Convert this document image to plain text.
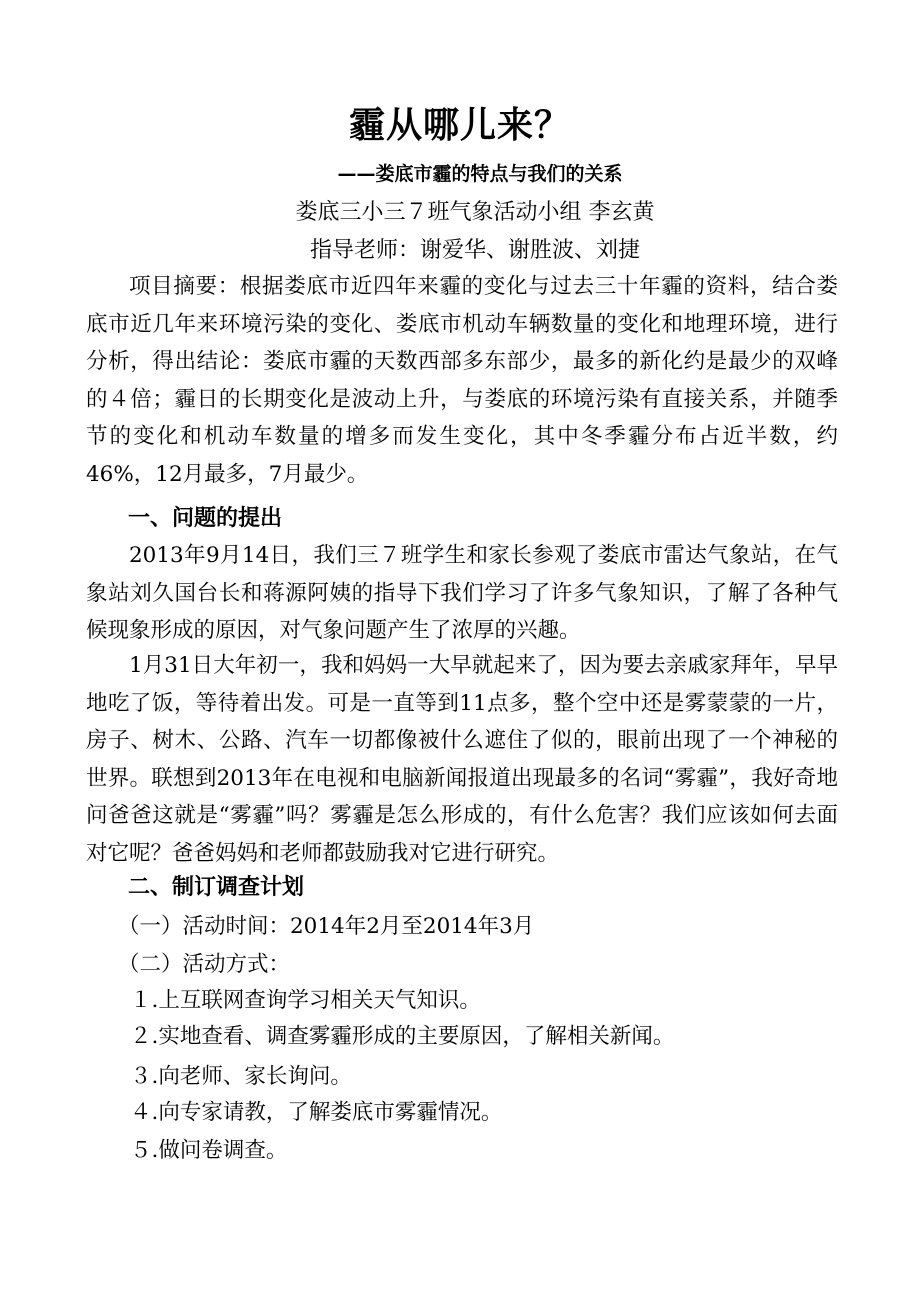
霾从哪儿来？
——娄底市霾的特点与我们的关系
娄底三小三７班气象活动小组 李玄黄
指导老师：谢爱华、谢胜波、刘捷

项目摘要：根据娄底市近四年来霾的变化与过去三十年霾的资料，结合娄底市近几年来环境污染的变化、娄底市机动车辆数量的变化和地理环境，进行分析，得出结论：娄底市霾的天数西部多东部少，最多的新化约是最少的双峰的４倍；霾日的长期变化是波动上升，与娄底的环境污染有直接关系，并随季节的变化和机动车数量的增多而发生变化，其中冬季霾分布占近半数，约46%，12月最多，7月最少。

一、问题的提出

2013年9月14日，我们三７班学生和家长参观了娄底市雷达气象站，在气象站刘久国台长和蒋源阿姨的指导下我们学习了许多气象知识，了解了各种气候现象形成的原因，对气象问题产生了浓厚的兴趣。

1月31日大年初一，我和妈妈一大早就起来了，因为要去亲戚家拜年，早早地吃了饭，等待着出发。可是一直等到11点多，整个空中还是雾蒙蒙的一片，房子、树木、公路、汽车一切都像被什么遮住了似的，眼前出现了一个神秘的世界。联想到2013年在电视和电脑新闻报道出现最多的名词“雾霾”，我好奇地问爸爸这就是“雾霾”吗？雾霾是怎么形成的，有什么危害？我们应该如何去面对它呢？爸爸妈妈和老师都鼓励我对它进行研究。

二、制订调查计划
（一）活动时间：2014年2月至2014年3月
（二）活动方式：
１.上互联网查询学习相关天气知识。
２.实地查看、调查雾霾形成的主要原因，了解相关新闻。
３.向老师、家长询问。
４.向专家请教，了解娄底市雾霾情况。
５.做问卷调查。
